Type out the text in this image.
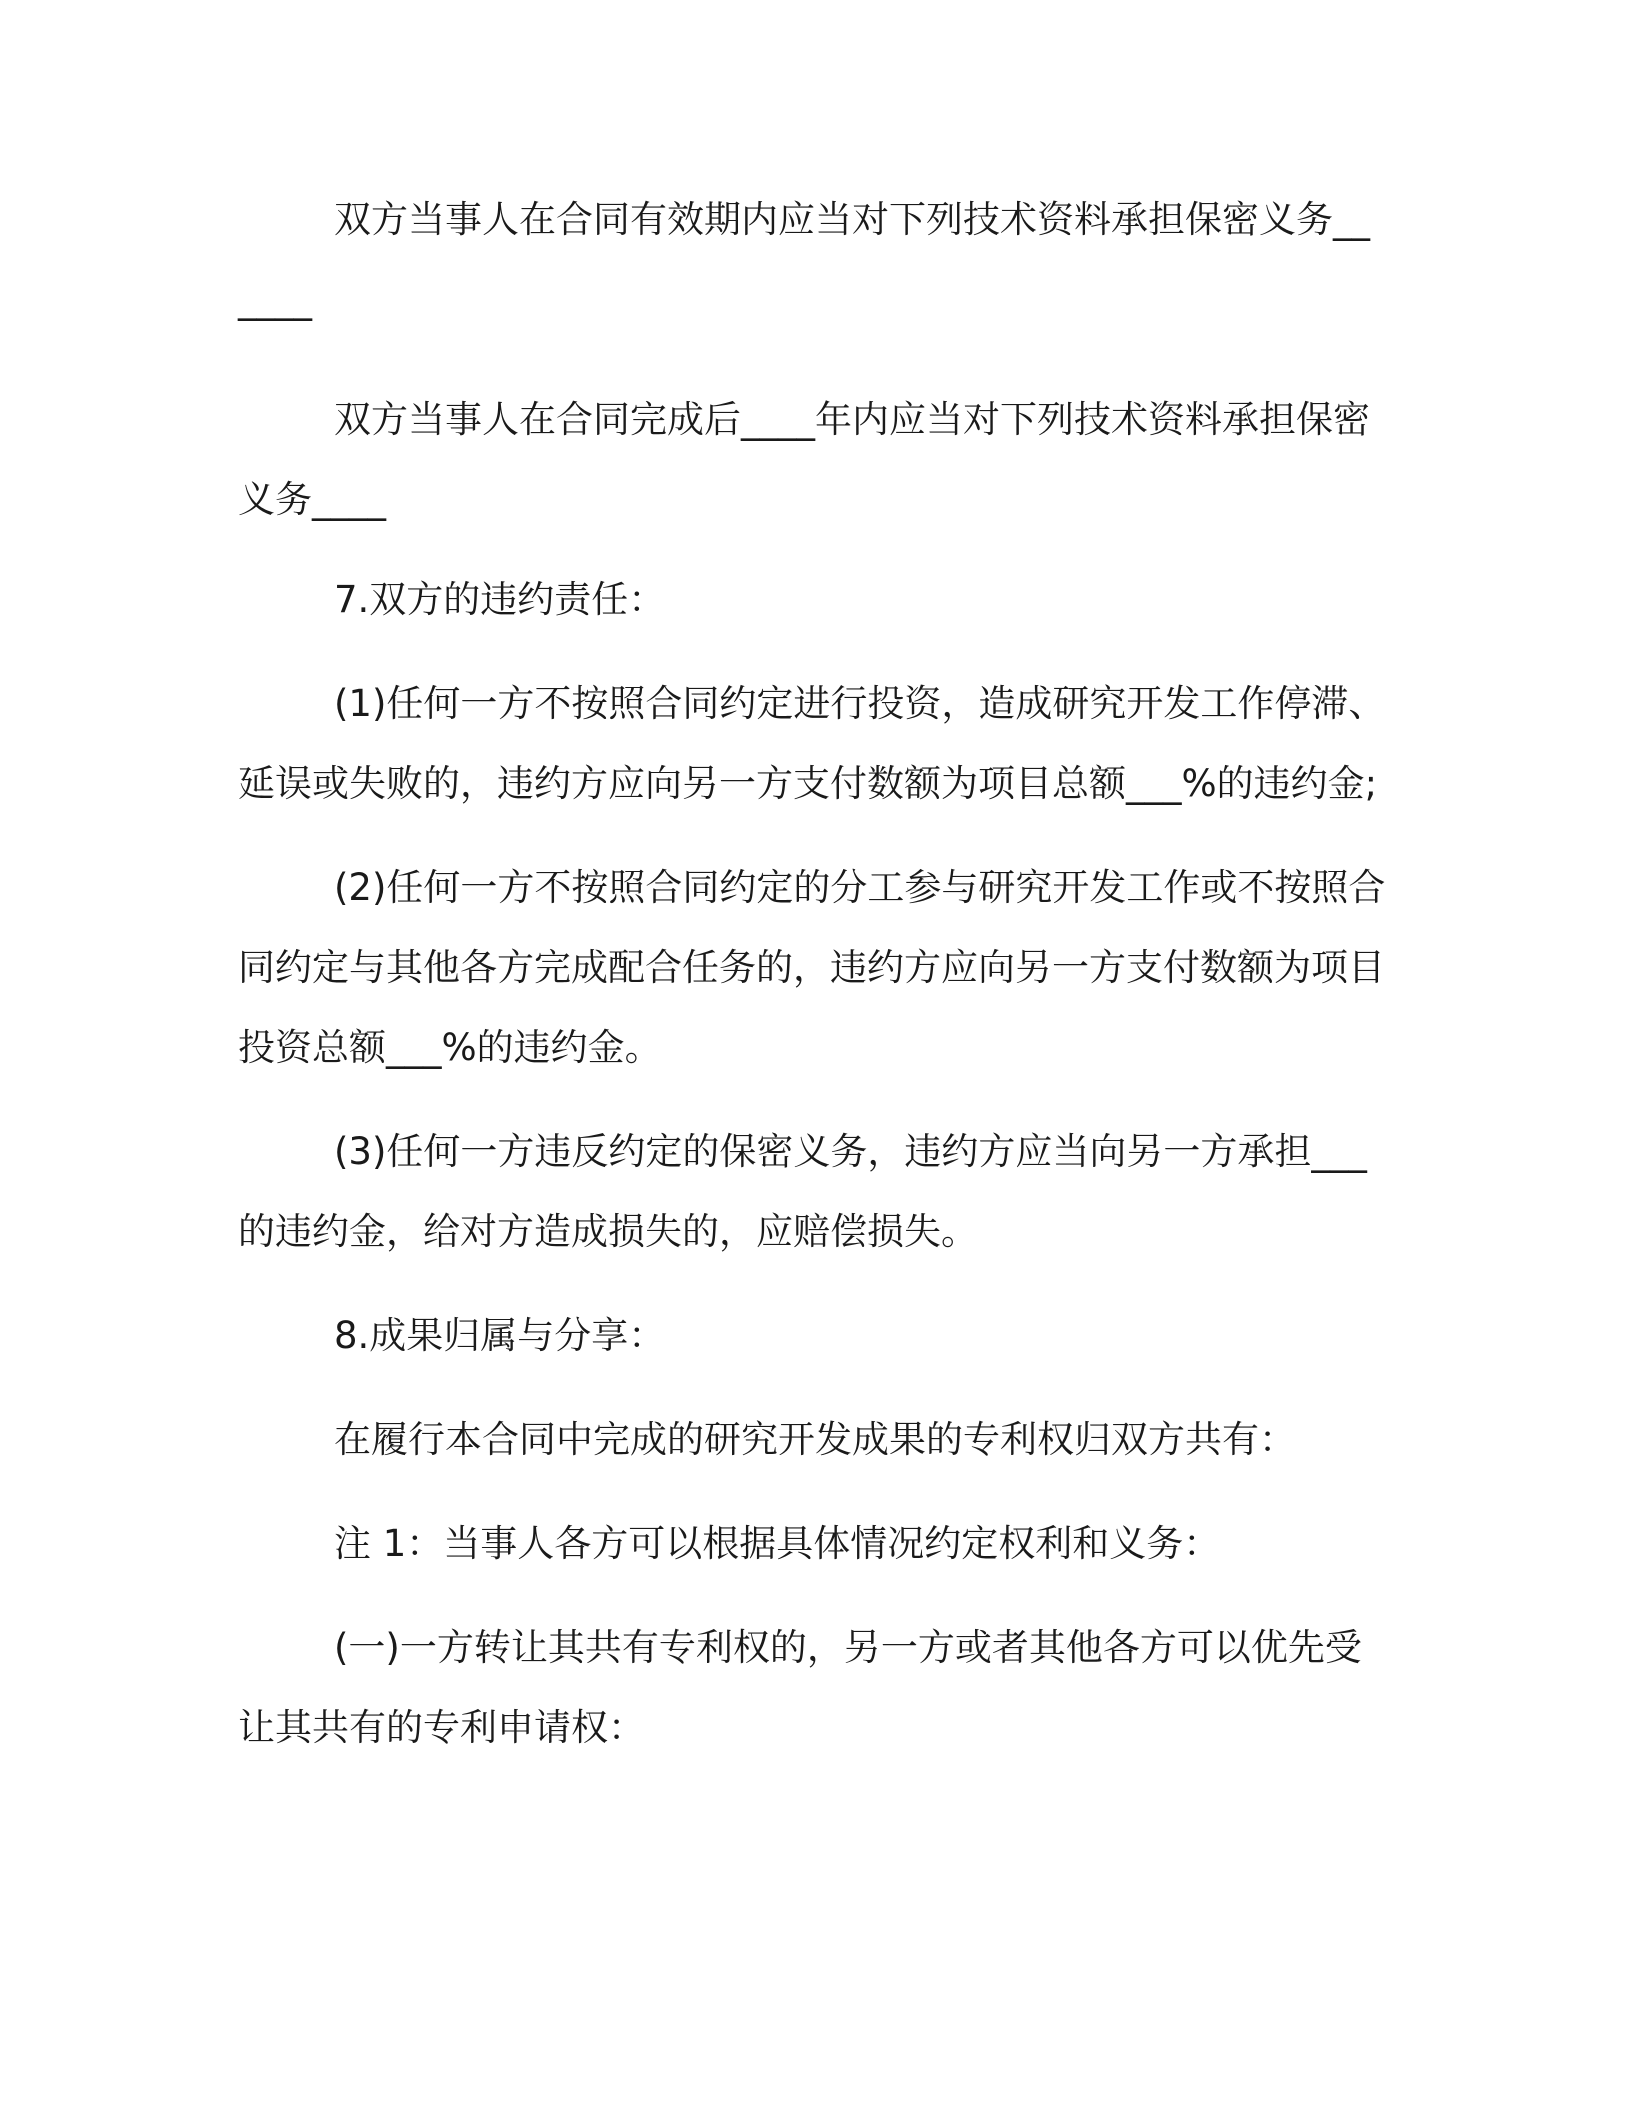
双方当事人在合同有效期内应当对下列技术资料承担保密义务______

双方当事人在合同完成后____年内应当对下列技术资料承担保密义务____

7.双方的违约责任：

(1)任何一方不按照合同约定进行投资，造成研究开发工作停滞、延误或失败的，违约方应向另一方支付数额为项目总额___%的违约金;

(2)任何一方不按照合同约定的分工参与研究开发工作或不按照合同约定与其他各方完成配合任务的，违约方应向另一方支付数额为项目投资总额___%的违约金。

(3)任何一方违反约定的保密义务，违约方应当向另一方承担___的违约金，给对方造成损失的，应赔偿损失。

8.成果归属与分享：

在履行本合同中完成的研究开发成果的专利权归双方共有：

注 1：当事人各方可以根据具体情况约定权利和义务：

(一)一方转让其共有专利权的，另一方或者其他各方可以优先受让其共有的专利申请权：
